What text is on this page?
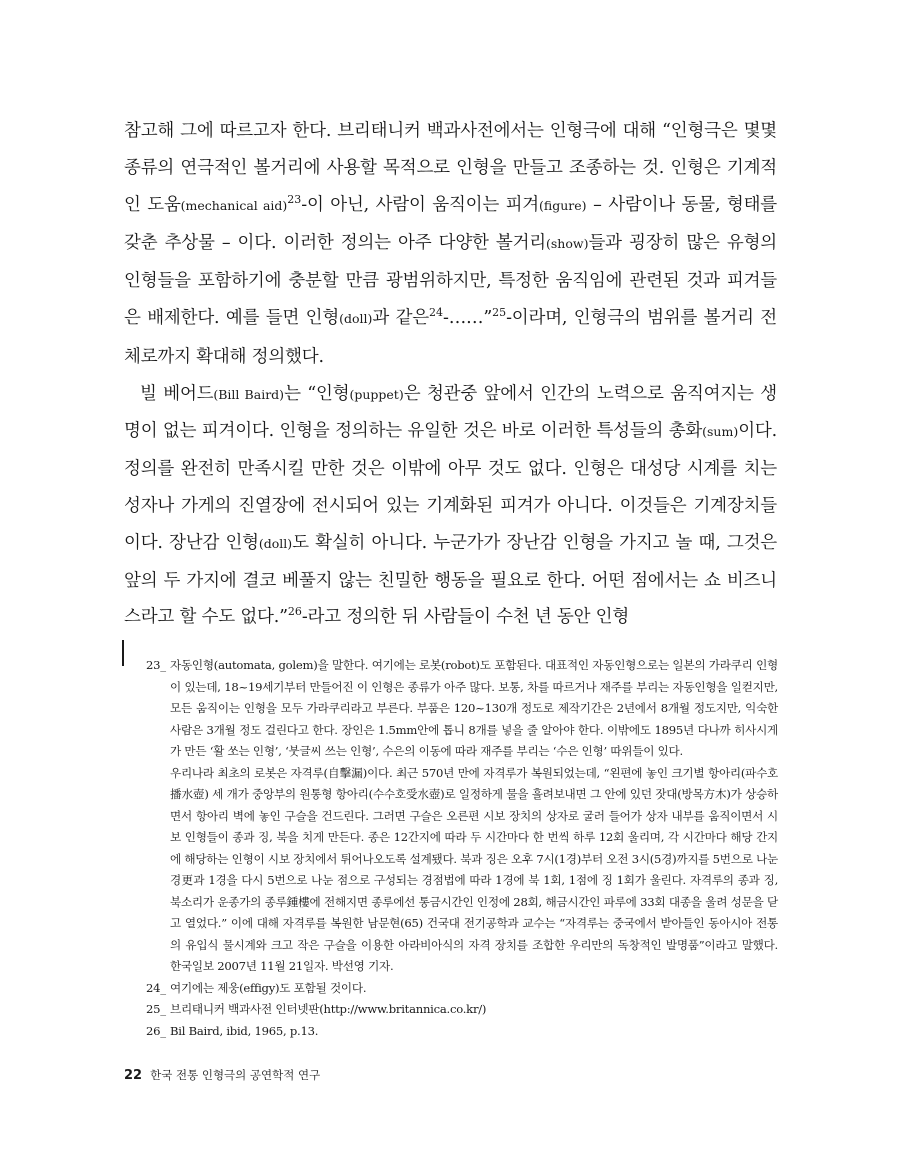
참고해 그에 따르고자 한다. 브리태니커 백과사전에서는 인형극에 대해 “인형극은 몇몇 종류의 연극적인 볼거리에 사용할 목적으로 인형을 만들고 조종하는 것. 인형은 기계적인 도움(mechanical aid)$^{23}$-이 아닌, 사람이 움직이는 피겨(figure) – 사람이나 동물, 형태를 갖춘 추상물 – 이다. 이러한 정의는 아주 다양한 볼거리(show)들과 굉장히 많은 유형의 인형들을 포함하기에 충분할 만큼 광범위하지만, 특정한 움직임에 관련된 것과 피겨들은 배제한다. 예를 들면 인형(doll)과 같은$^{24}$-……”$^{25}$-이라며, 인형극의 범위를 볼거리 전체로까지 확대해 정의했다.

빌 베어드(Bill Baird)는 “인형(puppet)은 청관중 앞에서 인간의 노력으로 움직여지는 생명이 없는 피겨이다. 인형을 정의하는 유일한 것은 바로 이러한 특성들의 총화(sum)이다. 정의를 완전히 만족시킬 만한 것은 이밖에 아무 것도 없다. 인형은 대성당 시계를 치는 성자나 가게의 진열장에 전시되어 있는 기계화된 피겨가 아니다. 이것들은 기계장치들이다. 장난감 인형(doll)도 확실히 아니다. 누군가가 장난감 인형을 가지고 놀 때, 그것은 앞의 두 가지에 결코 베풀지 않는 친밀한 행동을 필요로 한다. 어떤 점에서는 쇼 비즈니스라고 할 수도 없다.”$^{26}$-라고 정의한 뒤 사람들이 수천 년 동안 인형

23_ 자동인형(automata, golem)을 말한다. 여기에는 로봇(robot)도 포함된다. 대표적인 자동인형으로는 일본의 가라쿠리 인형이 있는데, 18~19세기부터 만들어진 이 인형은 종류가 아주 많다. 보통, 차를 따르거나 재주를 부리는 자동인형을 일컫지만, 모든 움직이는 인형을 모두 가라쿠리라고 부른다. 부품은 120~130개 정도로 제작기간은 2년에서 8개월 정도지만, 익숙한 사람은 3개월 정도 걸린다고 한다. 장인은 1.5mm안에 톱니 8개를 넣을 줄 알아야 한다. 이밖에도 1895년 다나까 히사시게가 만든 ‘활 쏘는 인형’, ‘붓글씨 쓰는 인형’, 수은의 이동에 따라 재주를 부리는 ‘수은 인형’ 따위들이 있다.

우리나라 최초의 로봇은 자격루(自擊漏)이다. 최근 570년 만에 자격루가 복원되었는데, “왼편에 놓인 크기별 항아리(파수호播水壺) 세 개가 중앙부의 원통형 항아리(수수호受水壺)로 일정하게 물을 흘려보내면 그 안에 있던 잣대(방목方木)가 상승하면서 항아리 벽에 놓인 구슬을 건드린다. 그러면 구슬은 오른편 시보 장치의 상자로 굴러 들어가 상자 내부를 움직이면서 시보 인형들이 종과 징, 북을 치게 만든다. 종은 12간지에 따라 두 시간마다 한 번씩 하루 12회 울리며, 각 시간마다 해당 간지에 해당하는 인형이 시보 장치에서 튀어나오도록 설계됐다. 북과 징은 오후 7시(1경)부터 오전 3시(5경)까지를 5번으로 나눈 경更과 1경을 다시 5번으로 나눈 점으로 구성되는 경점법에 따라 1경에 북 1회, 1점에 징 1회가 울린다. 자격루의 종과 징, 북소리가 운종가의 종루鍾樓에 전해지면 종루에선 통금시간인 인정에 28회, 해금시간인 파루에 33회 대종을 울려 성문을 닫고 열었다.” 이에 대해 자격루를 복원한 남문현(65) 건국대 전기공학과 교수는 “자격루는 중국에서 받아들인 동아시아 전통의 유입식 물시계와 크고 작은 구슬을 이용한 아라비아식의 자격 장치를 조합한 우리만의 독창적인 발명품”이라고 말했다. 한국일보 2007년 11월 21일자. 박선영 기자.

24_ 여기에는 제웅(effigy)도 포함될 것이다.

25_ 브리태니커 백과사전 인터넷판(http://www.britannica.co.kr/)

26_ Bil Baird, ibid, 1965, p.13.

22 한국 전통 인형극의 공연학적 연구
